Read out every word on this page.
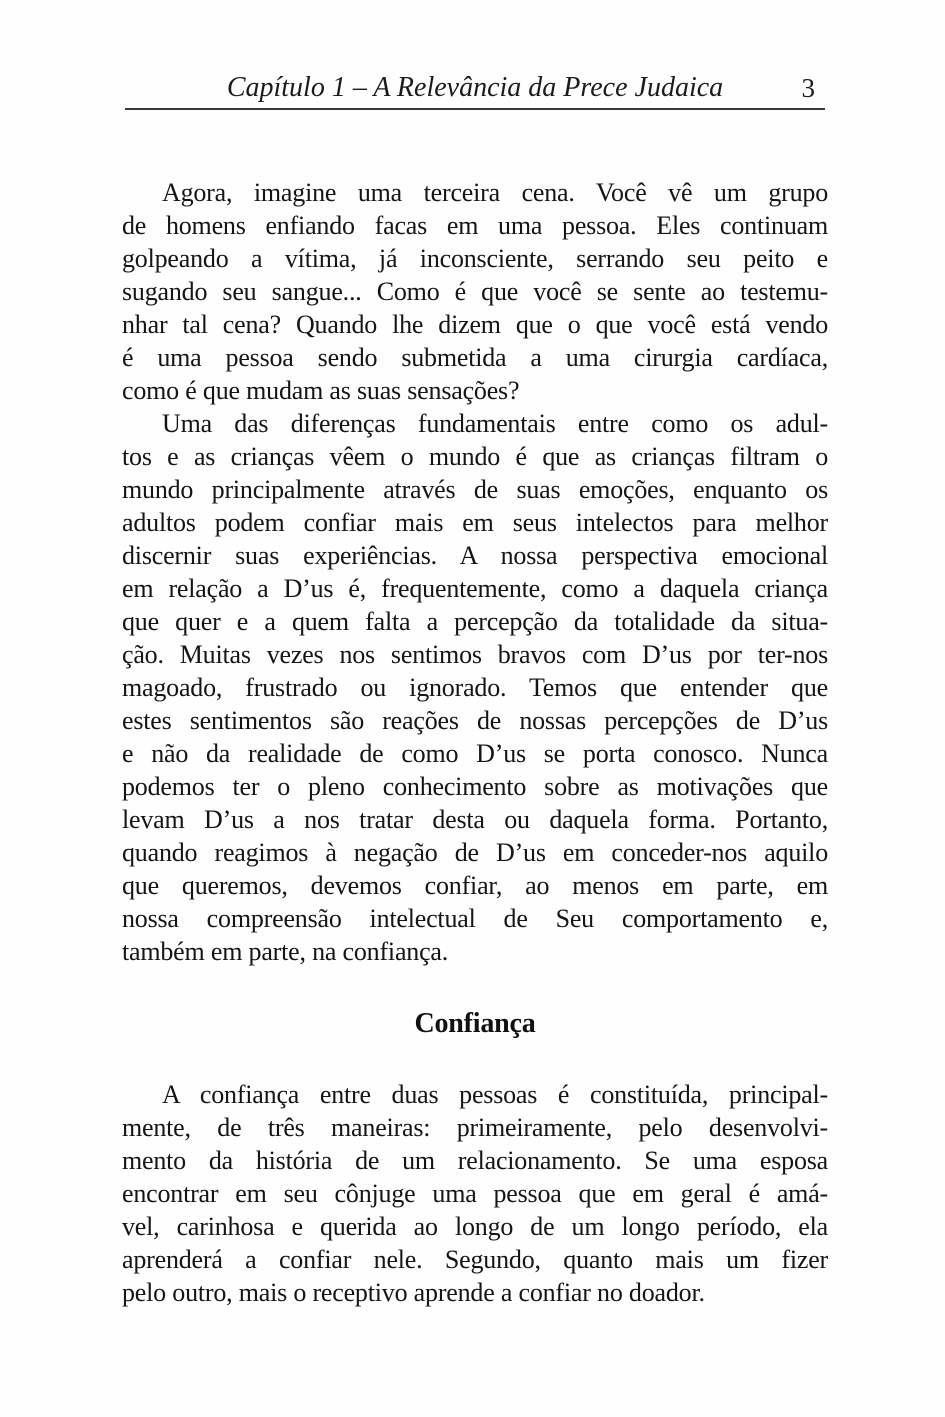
Capítulo 1 – A Relevância da Prece Judaica	3

Agora, imagine uma terceira cena. Você vê um grupo
de homens enfiando facas em uma pessoa. Eles continuam
golpeando a vítima, já inconsciente, serrando seu peito e
sugando seu sangue... Como é que você se sente ao testemu-
nhar tal cena? Quando lhe dizem que o que você está vendo
é uma pessoa sendo submetida a uma cirurgia cardíaca,
como é que mudam as suas sensações?

Uma das diferenças fundamentais entre como os adul-
tos e as crianças vêem o mundo é que as crianças filtram o
mundo principalmente através de suas emoções, enquanto os
adultos podem confiar mais em seus intelectos para melhor
discernir suas experiências. A nossa perspectiva emocional
em relação a D’us é, frequentemente, como a daquela criança
que quer e a quem falta a percepção da totalidade da situa-
ção. Muitas vezes nos sentimos bravos com D’us por ter-nos
magoado, frustrado ou ignorado. Temos que entender que
estes sentimentos são reações de nossas percepções de D’us
e não da realidade de como D’us se porta conosco. Nunca
podemos ter o pleno conhecimento sobre as motivações que
levam D’us a nos tratar desta ou daquela forma. Portanto,
quando reagimos à negação de D’us em conceder-nos aquilo
que queremos, devemos confiar, ao menos em parte, em
nossa compreensão intelectual de Seu comportamento e,
também em parte, na confiança.

Confiança

A confiança entre duas pessoas é constituída, principal-
mente, de três maneiras: primeiramente, pelo desenvolvi-
mento da história de um relacionamento. Se uma esposa
encontrar em seu cônjuge uma pessoa que em geral é amá-
vel, carinhosa e querida ao longo de um longo período, ela
aprenderá a confiar nele. Segundo, quanto mais um fizer
pelo outro, mais o receptivo aprende a confiar no doador.
